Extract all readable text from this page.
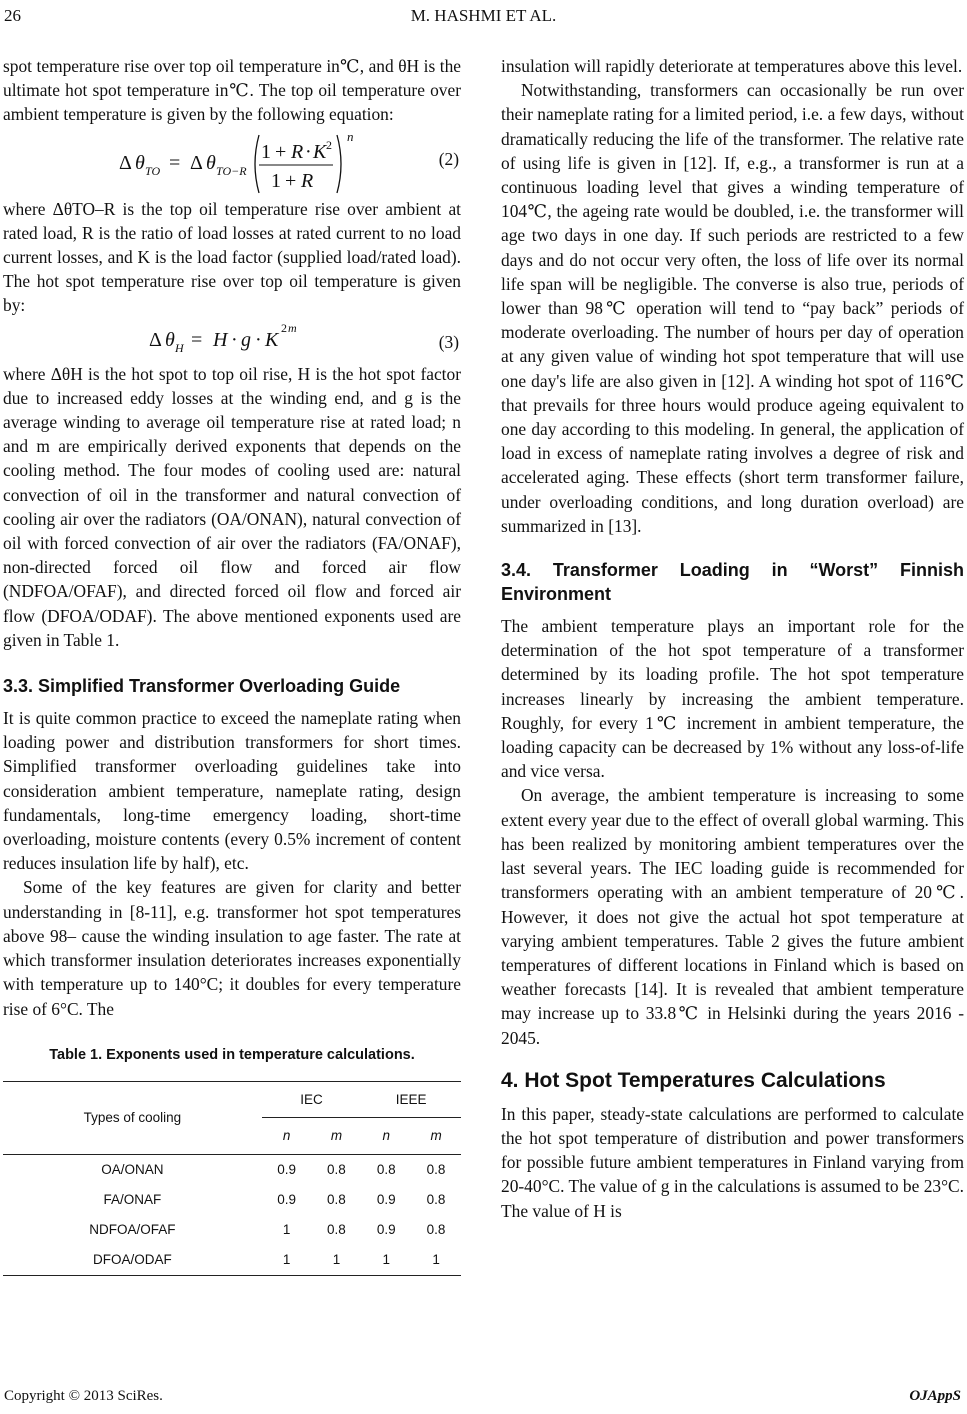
26	M. HASHMI ET AL.

spot temperature rise over top oil temperature in℃, and θH is the ultimate hot spot temperature in℃. The top oil temperature over ambient temperature is given by the following equation:

Δ θ TO = Δ θ TO−R
1 + R · K
1 + R
2
n
(2)

where ΔθTO–R is the top oil temperature rise over ambient at rated load, R is the ratio of load losses at rated current to no load current losses, and K is the load factor (supplied load/rated load). The hot spot temperature rise over top oil temperature is given by:

Δ θ H = H · g · K
2 m
(3)

where ΔθH is the hot spot to top oil rise, H is the hot spot factor due to increased eddy losses at the winding end, and g is the average winding to average oil temperature rise at rated load; n and m are empirically derived exponents that depends on the cooling method. The four modes of cooling used are: natural convection of oil in the transformer and natural convection of cooling air over the radiators (OA/ONAN), natural convection of oil with forced convection of air over the radiators (FA/ONAF), non-directed forced oil flow and forced air flow (NDFOA/OFAF), and directed forced oil flow and forced air flow (DFOA/ODAF). The above mentioned exponents used are given in Table 1.

3.3. Simplified Transformer Overloading Guide

It is quite common practice to exceed the nameplate rating when loading power and distribution transformers for short times. Simplified transformer overloading guidelines take into consideration ambient temperature, nameplate rating, design fundamentals, long-time emergency loading, short-time overloading, moisture contents (every 0.5% increment of content reduces insulation life by half), etc.

Some of the key features are given for clarity and better understanding in [8-11], e.g. transformer hot spot temperatures above 98– cause the winding insulation to age faster. The rate at which transformer insulation deteriorates increases exponentially with temperature up to 140°C; it doubles for every temperature rise of 6°C. The

Table 1. Exponents used in temperature calculations.

Types of cooling	IEC		IEEE	
	n	m	n	m
OA/ONAN	0.9	0.8	0.8	0.8
FA/ONAF	0.9	0.8	0.9	0.8
NDFOA/OFAF	1	0.8	0.9	0.8
DFOA/ODAF	1	1	1	1

insulation will rapidly deteriorate at temperatures above this level.

Notwithstanding, transformers can occasionally be run over their nameplate rating for a limited period, i.e. a few days, without dramatically reducing the life of the transformer. The relative rate of using life is given in [12]. If, e.g., a transformer is run at a continuous loading level that gives a winding temperature of 104℃, the ageing rate would be doubled, i.e. the transformer will age two days in one day. If such periods are restricted to a few days and do not occur very often, the loss of life over its normal life span will be negligible. The converse is also true, periods of lower than 98℃ operation will tend to “pay back” periods of moderate overloading. The number of hours per day of operation at any given value of winding hot spot temperature that will use one day's life are also given in [12]. A winding hot spot of 116℃ that prevails for three hours would produce ageing equivalent to one day according to this modeling. In general, the application of load in excess of nameplate rating involves a degree of risk and accelerated aging. These effects (short term transformer failure, under overloading conditions, and long duration overload) are summarized in [13].

3.4. Transformer Loading in “Worst” Finnish Environment

The ambient temperature plays an important role for the determination of the hot spot temperature of a transformer determined by its loading profile. The hot spot temperature increases linearly by increasing the ambient temperature. Roughly, for every 1℃ increment in ambient temperature, the loading capacity can be decreased by 1% without any loss-of-life and vice versa.

On average, the ambient temperature is increasing to some extent every year due to the effect of overall global warming. This has been realized by monitoring ambient temperatures over the last several years. The IEC loading guide is recommended for transformers operating with an ambient temperature of 20℃. However, it does not give the actual hot spot temperature at varying ambient temperatures. Table 2 gives the future ambient temperatures of different locations in Finland which is based on weather forecasts [14]. It is revealed that ambient temperature may increase up to 33.8℃ in Helsinki during the years 2016 - 2045.

4. Hot Spot Temperatures Calculations

In this paper, steady-state calculations are performed to calculate the hot spot temperature of distribution and power transformers for possible future ambient temperatures in Finland varying from 20-40°C. The value of g in the calculations is assumed to be 23°C. The value of H is

Copyright © 2013 SciRes.	OJAppS
